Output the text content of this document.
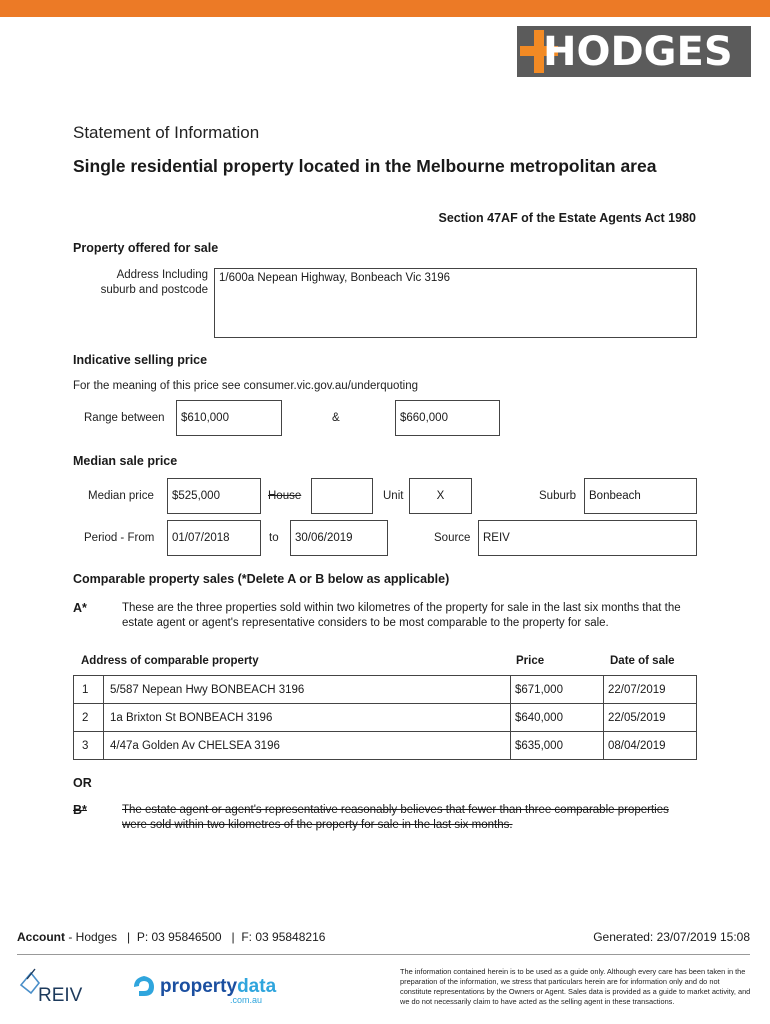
HODGES
Statement of Information
Single residential property located in the Melbourne metropolitan area
Section 47AF of the Estate Agents Act 1980
Property offered for sale
Address Including suburb and postcode
1/600a Nepean Highway, Bonbeach Vic 3196
Indicative selling price
For the meaning of this price see consumer.vic.gov.au/underquoting
Range between	$610,000	&	$660,000
Median sale price
Median price	$525,000	House	Unit	X	Suburb	Bonbeach
Period - From	01/07/2018	to	30/06/2019	Source	REIV
Comparable property sales (*Delete A or B below as applicable)
A*	These are the three properties sold within two kilometres of the property for sale in the last six months that the estate agent or agent's representative considers to be most comparable to the property for sale.
Address of comparable property	Price	Date of sale
1	5/587 Nepean Hwy BONBEACH 3196	$671,000	22/07/2019
2	1a Brixton St BONBEACH 3196	$640,000	22/05/2019
3	4/47a Golden Av CHELSEA 3196	$635,000	08/04/2019
OR
B*	The estate agent or agent's representative reasonably believes that fewer than three comparable properties were sold within two kilometres of the property for sale in the last six months.
Account - Hodges   |  P: 03 95846500   |  F: 03 95848216	Generated: 23/07/2019 15:08
REIV	propertydata
.com.au
The information contained herein is to be used as a guide only. Although every care has been taken in the preparation of the information, we stress that particulars herein are for information only and do not constitute representations by the Owners or Agent. Sales data is provided as a guide to market activity, and we do not necessarily claim to have acted as the selling agent in these transactions.
